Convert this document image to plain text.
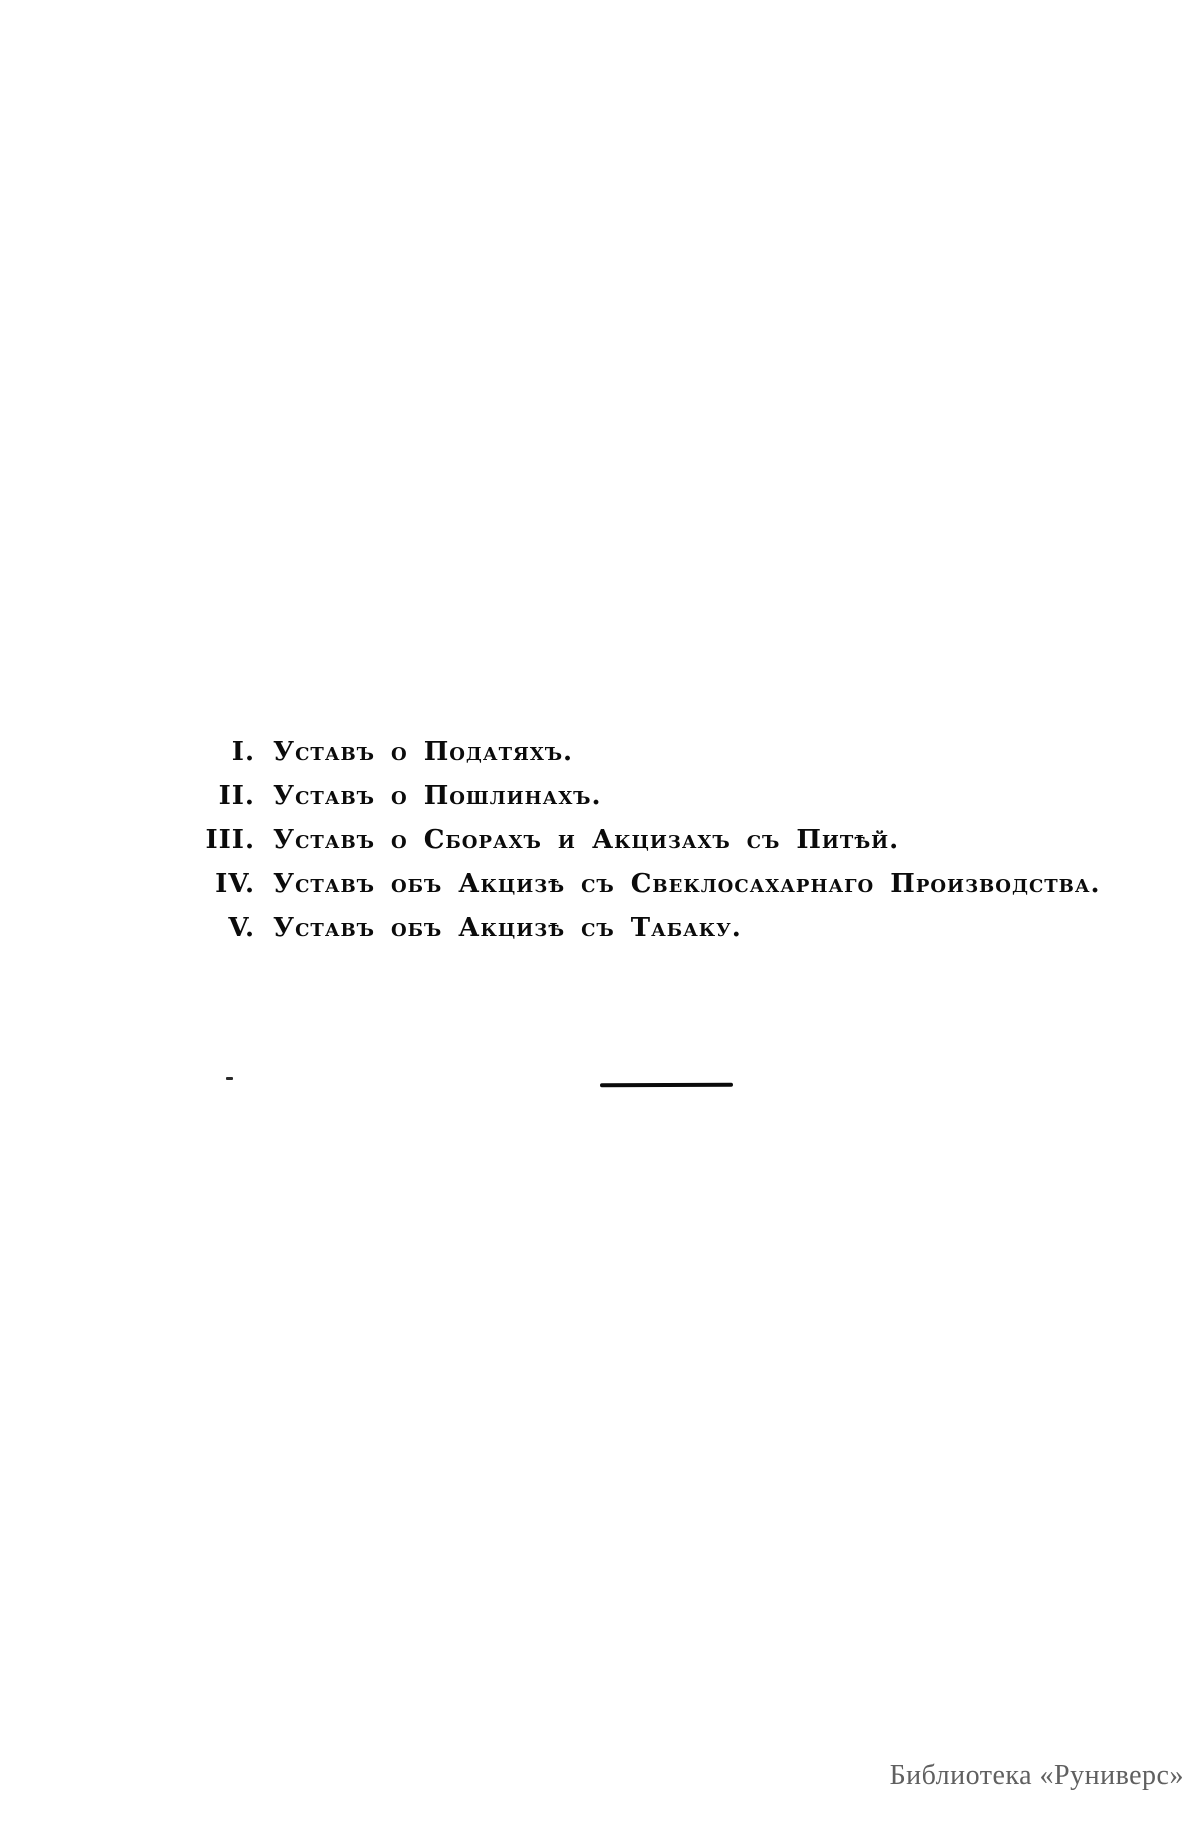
I. Уставъ о Податяхъ.
II. Уставъ о Пошлинахъ.
III. Уставъ о Сборахъ и Акцизахъ съ Питѣй.
IV. Уставъ объ Акцизѣ съ Свеклосахарнаго Производства.
V. Уставъ объ Акцизѣ съ Табаку.
Библиотека «Руниверс»
